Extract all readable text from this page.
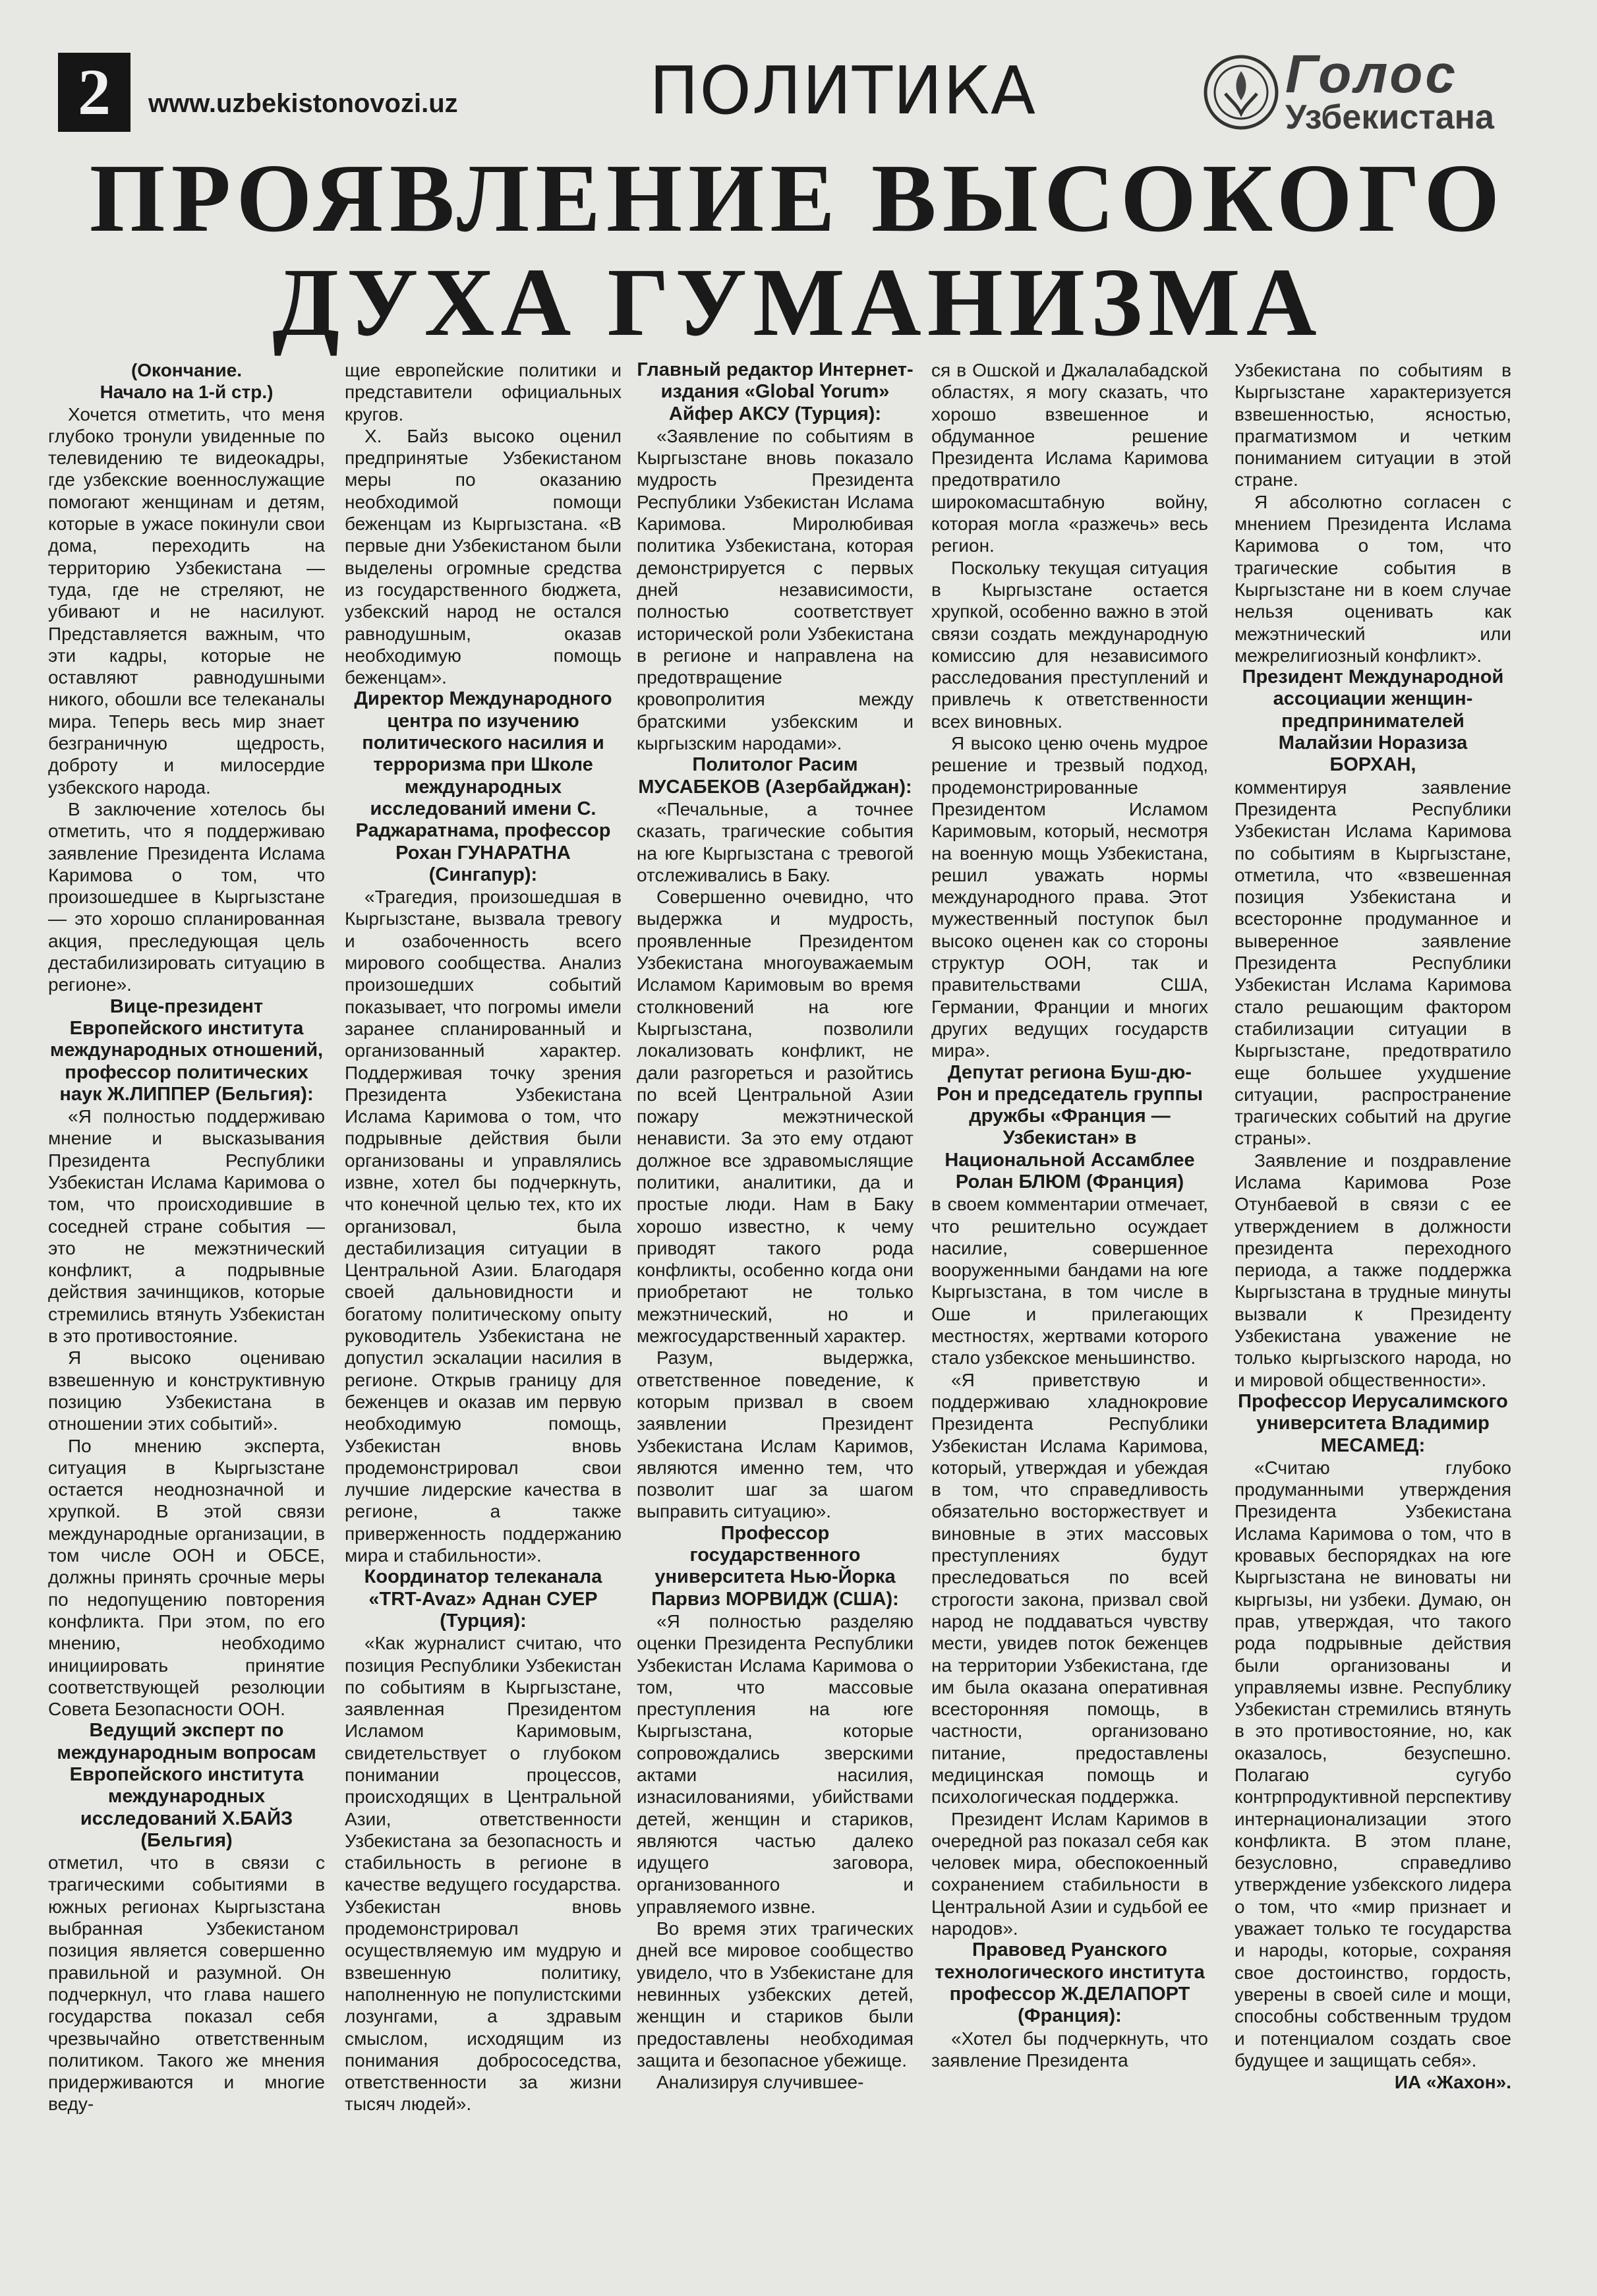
2	www.uzbekistonovozi.uz	ПОЛИТИКА	Голос
Узбекистана
ПРОЯВЛЕНИЕ ВЫСОКОГО
ДУХА ГУМАНИЗМА

(Окончание.
Начало на 1-й стр.)

Хочется отметить, что меня глубоко тронули увиденные по телевидению те видеокадры, где узбекские военнослужащие помогают женщинам и детям, которые в ужасе покинули свои дома, переходить на территорию Узбекистана — туда, где не стреляют, не убивают и не насилуют. Представляется важным, что эти кадры, которые не оставляют равнодушными никого, обошли все телеканалы мира. Теперь весь мир знает безграничную щедрость, доброту и милосердие узбекского народа.

В заключение хотелось бы отметить, что я поддерживаю заявление Президента Ислама Каримова о том, что произошедшее в Кыргызстане — это хорошо спланированная акция, преследующая цель дестабилизировать ситуацию в регионе».

Вице-президент Европейского института международных отношений, профессор политических наук Ж.ЛИППЕР (Бельгия):

«Я полностью поддерживаю мнение и высказывания Президента Республики Узбекистан Ислама Каримова о том, что происходившие в соседней стране события — это не межэтнический конфликт, а подрывные действия зачинщиков, которые стремились втянуть Узбекистан в это противостояние.

Я высоко оцениваю взвешенную и конструктивную позицию Узбекистана в отношении этих событий».

По мнению эксперта, ситуация в Кыргызстане остается неоднозначной и хрупкой. В этой связи международные организации, в том числе ООН и ОБСЕ, должны принять срочные меры по недопущению повторения конфликта. При этом, по его мнению, необходимо инициировать принятие соответствующей резолюции Совета Безопасности ООН.

Ведущий эксперт по международным вопросам Европейского института международных исследований Х.БАЙЗ (Бельгия)

отметил, что в связи с трагическими событиями в южных регионах Кыргызстана выбранная Узбекистаном позиция является совершенно правильной и разумной. Он подчеркнул, что глава нашего государства показал себя чрезвычайно ответственным политиком. Такого же мнения придерживаются и многие веду-

щие европейские политики и представители официальных кругов.

Х. Байз высоко оценил предпринятые Узбекистаном меры по оказанию необходимой помощи беженцам из Кыргызстана. «В первые дни Узбекистаном были выделены огромные средства из государственного бюджета, узбекский народ не остался равнодушным, оказав необходимую помощь беженцам».

Директор Международного центра по изучению политического насилия и терроризма при Школе международных исследований имени С. Раджаратнама, профессор Рохан ГУНАРАТНА (Сингапур):

«Трагедия, произошедшая в Кыргызстане, вызвала тревогу и озабоченность всего мирового сообщества. Анализ произошедших событий показывает, что погромы имели заранее спланированный и организованный характер. Поддерживая точку зрения Президента Узбекистана Ислама Каримова о том, что подрывные действия были организованы и управлялись извне, хотел бы подчеркнуть, что конечной целью тех, кто их организовал, была дестабилизация ситуации в Центральной Азии. Благодаря своей дальновидности и богатому политическому опыту руководитель Узбекистана не допустил эскалации насилия в регионе. Открыв границу для беженцев и оказав им первую необходимую помощь, Узбекистан вновь продемонстрировал свои лучшие лидерские качества в регионе, а также приверженность поддержанию мира и стабильности».

Координатор телеканала «TRT-Avaz» Аднан СУЕР (Турция):

«Как журналист считаю, что позиция Республики Узбекистан по событиям в Кыргызстане, заявленная Президентом Исламом Каримовым, свидетельствует о глубоком понимании процессов, происходящих в Центральной Азии, ответственности Узбекистана за безопасность и стабильность в регионе в качестве ведущего государства. Узбекистан вновь продемонстрировал осуществляемую им мудрую и взвешенную политику, наполненную не популистскими лозунгами, а здравым смыслом, исходящим из понимания добрососедства, ответственности за жизни тысяч людей».

Главный редактор Интернет-издания «Global Yorum» Айфер АКСУ (Турция):

«Заявление по событиям в Кыргызстане вновь показало мудрость Президента Республики Узбекистан Ислама Каримова. Миролюбивая политика Узбекистана, которая демонстрируется с первых дней независимости, полностью соответствует исторической роли Узбекистана в регионе и направлена на предотвращение кровопролития между братскими узбекским и кыргызским народами».

Политолог Расим МУСАБЕКОВ (Азербайджан):

«Печальные, а точнее сказать, трагические события на юге Кыргызстана с тревогой отслеживались в Баку.

Совершенно очевидно, что выдержка и мудрость, проявленные Президентом Узбекистана многоуважаемым Исламом Каримовым во время столкновений на юге Кыргызстана, позволили локализовать конфликт, не дали разгореться и разойтись по всей Центральной Азии пожару межэтнической ненависти. За это ему отдают должное все здравомыслящие политики, аналитики, да и простые люди. Нам в Баку хорошо известно, к чему приводят такого рода конфликты, особенно когда они приобретают не только межэтнический, но и межгосударственный характер.

Разум, выдержка, ответственное поведение, к которым призвал в своем заявлении Президент Узбекистана Ислам Каримов, являются именно тем, что позволит шаг за шагом выправить ситуацию».

Профессор государственного университета Нью-Йорка Парвиз МОРВИДЖ (США):

«Я полностью разделяю оценки Президента Республики Узбекистан Ислама Каримова о том, что массовые преступления на юге Кыргызстана, которые сопровождались зверскими актами насилия, изнасилованиями, убийствами детей, женщин и стариков, являются частью далеко идущего заговора, организованного и управляемого извне.

Во время этих трагических дней все мировое сообщество увидело, что в Узбекистане для невинных узбекских детей, женщин и стариков были предоставлены необходимая защита и безопасное убежище.

Анализируя случившее-

ся в Ошской и Джалалабадской областях, я могу сказать, что хорошо взвешенное и обдуманное решение Президента Ислама Каримова предотвратило широкомасштабную войну, которая могла «разжечь» весь регион.

Поскольку текущая ситуация в Кыргызстане остается хрупкой, особенно важно в этой связи создать международную комиссию для независимого расследования преступлений и привлечь к ответственности всех виновных.

Я высоко ценю очень мудрое решение и трезвый подход, продемонстрированные Президентом Исламом Каримовым, который, несмотря на военную мощь Узбекистана, решил уважать нормы международного права. Этот мужественный поступок был высоко оценен как со стороны структур ООН, так и правительствами США, Германии, Франции и многих других ведущих государств мира».

Депутат региона Буш-дю-Рон и председатель группы дружбы «Франция — Узбекистан» в Национальной Ассамблее Ролан БЛЮМ (Франция)

в своем комментарии отмечает, что решительно осуждает насилие, совершенное вооруженными бандами на юге Кыргызстана, в том числе в Оше и прилегающих местностях, жертвами которого стало узбекское меньшинство.

«Я приветствую и поддерживаю хладнокровие Президента Республики Узбекистан Ислама Каримова, который, утверждая и убеждая в том, что справедливость обязательно восторжествует и виновные в этих массовых преступлениях будут преследоваться по всей строгости закона, призвал свой народ не поддаваться чувству мести, увидев поток беженцев на территории Узбекистана, где им была оказана оперативная всесторонняя помощь, в частности, организовано питание, предоставлены медицинская помощь и психологическая поддержка.

Президент Ислам Каримов в очередной раз показал себя как человек мира, обеспокоенный сохранением стабильности в Центральной Азии и судьбой ее народов».

Правовед Руанского технологического института профессор Ж.ДЕЛАПОРТ (Франция):

«Хотел бы подчеркнуть, что заявление Президента

Узбекистана по событиям в Кыргызстане характеризуется взвешенностью, ясностью, прагматизмом и четким пониманием ситуации в этой стране.

Я абсолютно согласен с мнением Президента Ислама Каримова о том, что трагические события в Кыргызстане ни в коем случае нельзя оценивать как межэтнический или межрелигиозный конфликт».

Президент Международной ассоциации женщин-предпринимателей Малайзии Норазиза БОРХАН,

комментируя заявление Президента Республики Узбекистан Ислама Каримова по событиям в Кыргызстане, отметила, что «взвешенная позиция Узбекистана и всесторонне продуманное и выверенное заявление Президента Республики Узбекистан Ислама Каримова стало решающим фактором стабилизации ситуации в Кыргызстане, предотвратило еще большее ухудшение ситуации, распространение трагических событий на другие страны».

Заявление и поздравление Ислама Каримова Розе Отунбаевой в связи с ее утверждением в должности президента переходного периода, а также поддержка Кыргызстана в трудные минуты вызвали к Президенту Узбекистана уважение не только кыргызского народа, но и мировой общественности».

Профессор Иерусалимского университета Владимир МЕСАМЕД:

«Считаю глубоко продуманными утверждения Президента Узбекистана Ислама Каримова о том, что в кровавых беспорядках на юге Кыргызстана не виноваты ни кыргызы, ни узбеки. Думаю, он прав, утверждая, что такого рода подрывные действия были организованы и управляемы извне. Республику Узбекистан стремились втянуть в это противостояние, но, как оказалось, безуспешно. Полагаю сугубо контрпродуктивной перспективу интернационализации этого конфликта. В этом плане, безусловно, справедливо утверждение узбекского лидера о том, что «мир признает и уважает только те государства и народы, которые, сохраняя свое достоинство, гордость, уверены в своей силе и мощи, способны собственным трудом и потенциалом создать свое будущее и защищать себя».

ИА «Жахон».
